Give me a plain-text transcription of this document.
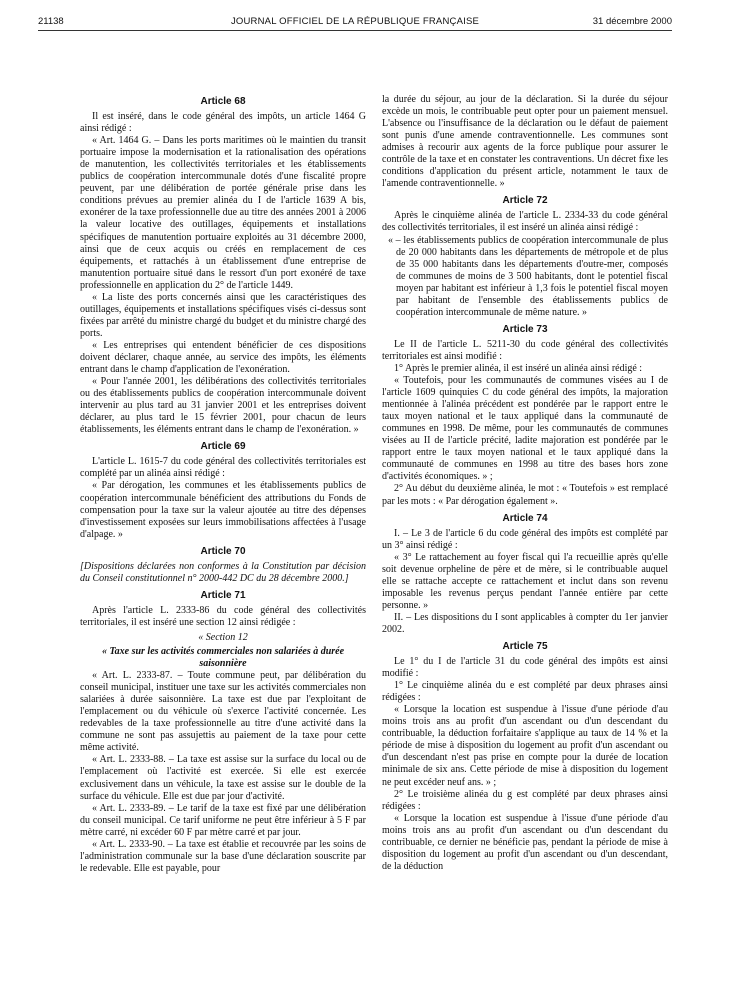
21138	JOURNAL OFFICIEL DE LA RÉPUBLIQUE FRANÇAISE	31 décembre 2000
Article 68

Il est inséré, dans le code général des impôts, un article 1464 G ainsi rédigé :

« Art. 1464 G. – Dans les ports maritimes où le maintien du transit portuaire impose la modernisation et la rationalisation des opérations de manutention, les collectivités territoriales et les établissements publics de coopération intercommunale dotés d'une fiscalité propre peuvent, par une délibération de portée générale prise dans les conditions prévues au premier alinéa du I de l'article 1639 A bis, exonérer de la taxe professionnelle due au titre des années 2001 à 2006 la valeur locative des outillages, équipements et installations spécifiques de manutention portuaire exploités au 31 décembre 2000, ainsi que de ceux acquis ou créés en remplacement de ces équipements, et rattachés à un établissement d'une entreprise de manutention portuaire situé dans le ressort d'un port exonéré de taxe professionnelle en application du 2° de l'article 1449.

« La liste des ports concernés ainsi que les caractéristiques des outillages, équipements et installations spécifiques visés ci-dessus sont fixées par arrêté du ministre chargé du budget et du ministre chargé des ports.

« Les entreprises qui entendent bénéficier de ces dispositions doivent déclarer, chaque année, au service des impôts, les éléments entrant dans le champ d'application de l'exonération.

« Pour l'année 2001, les délibérations des collectivités territoriales ou des établissements publics de coopération intercommunale doivent intervenir au plus tard au 31 janvier 2001 et les entreprises doivent déclarer, au plus tard le 15 février 2001, pour chacun de leurs établissements, les éléments entrant dans le champ de l'exonération. »

Article 69

L'article L. 1615-7 du code général des collectivités territoriales est complété par un alinéa ainsi rédigé :

« Par dérogation, les communes et les établissements publics de coopération intercommunale bénéficient des attributions du Fonds de compensation pour la taxe sur la valeur ajoutée au titre des dépenses d'investissement exposées sur leurs immobilisations affectées à l'usage d'alpage. »

Article 70

[Dispositions déclarées non conformes à la Constitution par décision du Conseil constitutionnel n° 2000-442 DC du 28 décembre 2000.]

Article 71

Après l'article L. 2333-86 du code général des collectivités territoriales, il est inséré une section 12 ainsi rédigée :

« Section 12

« Taxe sur les activités commerciales non salariées à durée saisonnière

« Art. L. 2333-87. – Toute commune peut, par délibération du conseil municipal, instituer une taxe sur les activités commerciales non salariées à durée saisonnière. La taxe est due par l'exploitant de l'emplacement ou du véhicule où s'exerce l'activité concernée. Les redevables de la taxe professionnelle au titre d'une activité dans la commune ne sont pas assujettis au paiement de la taxe pour cette même activité.

« Art. L. 2333-88. – La taxe est assise sur la surface du local ou de l'emplacement où l'activité est exercée. Si elle est exercée exclusivement dans un véhicule, la taxe est assise sur le double de la surface du véhicule. Elle est due par jour d'activité.

« Art. L. 2333-89. – Le tarif de la taxe est fixé par une délibération du conseil municipal. Ce tarif uniforme ne peut être inférieur à 5 F par mètre carré, ni excéder 60 F par mètre carré et par jour.

« Art. L. 2333-90. – La taxe est établie et recouvrée par les soins de l'administration communale sur la base d'une déclaration souscrite par le redevable. Elle est payable, pour

la durée du séjour, au jour de la déclaration. Si la durée du séjour excède un mois, le contribuable peut opter pour un paiement mensuel. L'absence ou l'insuffisance de la déclaration ou le défaut de paiement sont punis d'une amende contraventionnelle. Les communes sont admises à recourir aux agents de la force publique pour assurer le contrôle de la taxe et en constater les contraventions. Un décret fixe les conditions d'application du présent article, notamment le taux de l'amende contraventionnelle. »

Article 72

Après le cinquième alinéa de l'article L. 2334-33 du code général des collectivités territoriales, il est inséré un alinéa ainsi rédigé :

« – les établissements publics de coopération intercommunale de plus de 20 000 habitants dans les départements de métropole et de plus de 35 000 habitants dans les départements d'outre-mer, composés de communes de moins de 3 500 habitants, dont le potentiel fiscal moyen par habitant est inférieur à 1,3 fois le potentiel fiscal moyen par habitant de l'ensemble des établissements publics de coopération intercommunale de même nature. »

Article 73

Le II de l'article L. 5211-30 du code général des collectivités territoriales est ainsi modifié :

1° Après le premier alinéa, il est inséré un alinéa ainsi rédigé :

« Toutefois, pour les communautés de communes visées au I de l'article 1609 quinquies C du code général des impôts, la majoration mentionnée à l'alinéa précédent est pondérée par le rapport entre le taux moyen national et le taux appliqué dans la communauté de communes en 1998. De même, pour les communautés de communes visées au II de l'article précité, ladite majoration est pondérée par le rapport entre le taux moyen national et le taux appliqué dans la communauté de communes en 1998 au titre des bases hors zone d'activités économiques. » ;

2° Au début du deuxième alinéa, le mot : « Toutefois » est remplacé par les mots : « Par dérogation également ».

Article 74

I. – Le 3 de l'article 6 du code général des impôts est complété par un 3° ainsi rédigé :

« 3° Le rattachement au foyer fiscal qui l'a recueillie après qu'elle soit devenue orpheline de père et de mère, si le contribuable auquel elle se rattache accepte ce rattachement et inclut dans son revenu imposable les revenus perçus pendant l'année entière par cette personne. »

II. – Les dispositions du I sont applicables à compter du 1er janvier 2002.

Article 75

Le 1° du I de l'article 31 du code général des impôts est ainsi modifié :

1° Le cinquième alinéa du e est complété par deux phrases ainsi rédigées :

« Lorsque la location est suspendue à l'issue d'une période d'au moins trois ans au profit d'un ascendant ou d'un descendant du contribuable, la déduction forfaitaire s'applique au taux de 14 % et la période de mise à disposition du logement au profit d'un ascendant ou d'un descendant n'est pas prise en compte pour la durée de location minimale de six ans. Cette période de mise à disposition du logement ne peut excéder neuf ans. » ;

2° Le troisième alinéa du g est complété par deux phrases ainsi rédigées :

« Lorsque la location est suspendue à l'issue d'une période d'au moins trois ans au profit d'un ascendant ou d'un descendant du contribuable, ce dernier ne bénéficie pas, pendant la période de mise à disposition du logement au profit d'un ascendant ou d'un descendant, de la déduction
